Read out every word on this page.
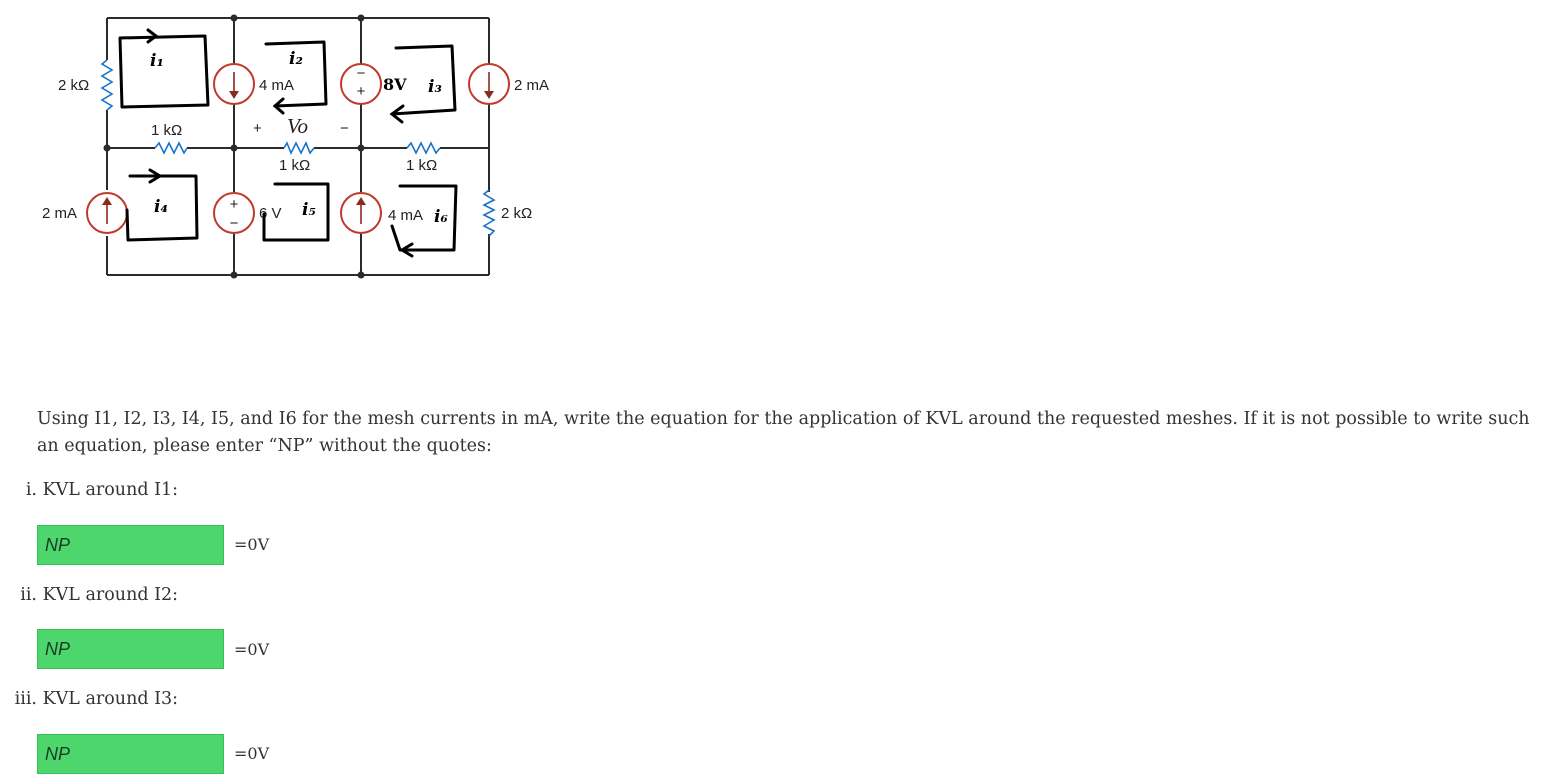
−
+
+
−
2 kΩ
2 kΩ
1 kΩ
1 kΩ	1 kΩ
4 mA	2 mA
2 mA	6 V	4 mA
8V
+ Vo −
i₁	i₂
i₃
i₄	i₅	i₆
Using I1, I2, I3, I4, I5, and I6 for the mesh currents in mA, write the equation for the application of KVL around the requested meshes. If it is not possible to write such an equation, please enter “NP” without the quotes:
i. KVL around I1:
NP
=0V
ii. KVL around I2:
NP
=0V
iii. KVL around I3:
NP
=0V
